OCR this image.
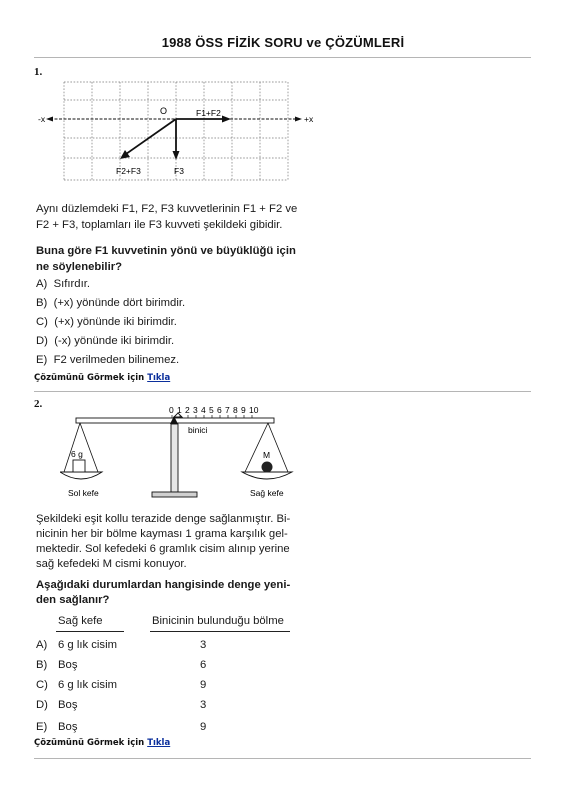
1988 ÖSS FİZİK SORU ve ÇÖZÜMLERİ
1.
-x	+x
O	F1+F2
F3
F2+F3
Aynı düzlemdeki F1, F2, F3 kuvvetlerinin F1 + F2 ve
F2 + F3, toplamları ile F3 kuvveti şekildeki gibidir.
Buna göre F1 kuvvetinin yönü ve büyüklüğü için
ne söylenebilir?
A) Sıfırdır.
B) (+x) yönünde dört birimdir.
C) (+x) yönünde iki birimdir.
D) (-x) yönünde iki birimdir.
E) F2 verilmeden bilinemez.
Çözümünü Görmek için Tıkla
2.	0 1 2 3 4 5 6 7 8 9 10
binici
6 g
Sol kefe
M
Sağ kefe
Şekildeki eşit kollu terazide denge sağlanmıştır. Bi-
nicinin her bir bölme kayması 1 grama karşılık gel-
mektedir. Sol kefedeki 6 gramlık cisim alınıp yerine
sağ kefedeki M cismi konuyor.
Aşağıdaki durumlardan hangisinde denge yeni-
den sağlanır?
Sağ kefe	Binicinin bulunduğu bölme
A) 6 g lık cisim	3
B) Boş	6
C) 6 g lık cisim	9
D) Boş	3
E) Boş	9
Çözümünü Görmek için Tıkla
